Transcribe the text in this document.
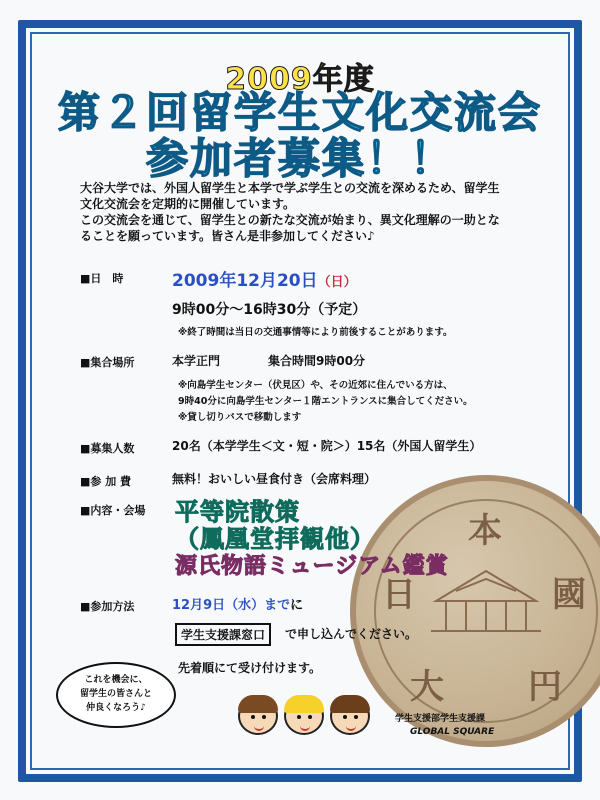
本
日	國
大 円
2009年度
第２回留学生文化交流会
参加者募集！！
大谷大学では、外国人留学生と本学で学ぶ学生との交流を深めるため、留学生
文化交流会を定期的に開催しています。
この交流会を通じて、留学生との新たな交流が始まり、異文化理解の一助とな
ることを願っています。皆さん是非参加してください♪
■日　時	2009年12月20日（日）
9時00分～16時30分（予定）
※終了時間は当日の交通事情等により前後することがあります。
■集合場所	本学正門	集合時間9時00分
※向島学生センター（伏見区）や、その近郊に住んでいる方は、
9時40分に向島学生センター１階エントランスに集合してください。
※貸し切りバスで移動します
■募集人数	20名（本学学生＜文・短・院＞）15名（外国人留学生）
■参 加 費	無料！おいしい昼食付き（会席料理）
■内容・会場 平等院散策
（鳳凰堂拝観他）
源氏物語ミュージアム鑑賞
■参加方法	12月9日（水）までに
学生支援課窓口	で申し込んでください。
先着順にて受け付けます。
これを機会に、
留学生の皆さんと
仲良くなろう♪
学生支援部学生支援課
GLOBAL SQUARE
